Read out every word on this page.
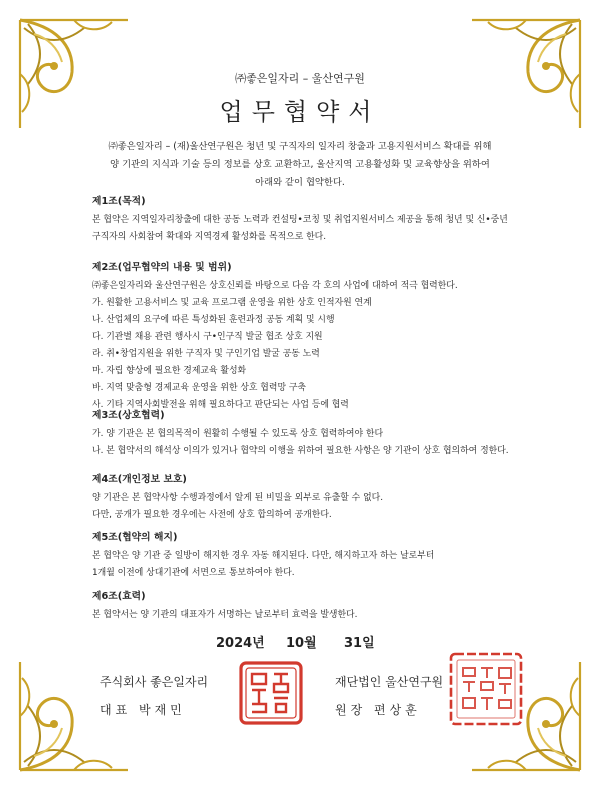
㈜좋은일자리 – 울산연구원
업무협약서

㈜좋은일자리 – (재)울산연구원은 청년 및 구직자의 일자리 창출과 고용지원서비스 확대를 위해

양 기관의 지식과 기술 등의 정보를 상호 교환하고, 울산지역 고용활성화 및 교육향상을 위하여

아래와 같이 협약한다.

제1조(목적)

본 협약은 지역일자리창출에 대한 공동 노력과 컨설팅•코칭 및 취업지원서비스 제공을 통해 청년 및 신•중년

구직자의 사회참여 확대와 지역경제 활성화를 목적으로 한다.

제2조(업무협약의 내용 및 범위)

㈜좋은일자리와 울산연구원은 상호신뢰를 바탕으로 다음 각 호의 사업에 대하여 적극 협력한다.

가. 원활한 고용서비스 및 교육 프로그램 운영을 위한 상호 인적자원 연계

나. 산업체의 요구에 따른 특성화된 훈련과정 공동 계획 및 시행

다. 기관별 채용 관련 행사시 구•인구직 발굴 협조 상호 지원

라. 취•창업지원을 위한 구직자 및 구인기업 발굴 공동 노력

마. 자립 향상에 필요한 경제교육 활성화

바. 지역 맞춤형 경제교육 운영을 위한 상호 협력망 구축

사. 기타 지역사회발전을 위해 필요하다고 판단되는 사업 등에 협력

제3조(상호협력)

가. 양 기관은 본 협의목적이 원활히 수행될 수 있도록 상호 협력하여야 한다

나. 본 협약서의 해석상 이의가 있거나 협약의 이행을 위하여 필요한 사항은 양 기관이 상호 협의하여 정한다.

제4조(개인정보 보호)

양 기관은 본 협약사항 수행과정에서 알게 된 비밀을 외부로 유출할 수 없다.

다만, 공개가 필요한 경우에는 사전에 상호 합의하여 공개한다.

제5조(협약의 해지)

본 협약은 양 기관 중 일방이 해지한 경우 자동 해지된다. 다만, 해지하고자 하는 날로부터

1개월 이전에 상대기관에 서면으로 통보하여야 한다.

제6조(효력)

본 협약서는 양 기관의 대표자가 서명하는 날로부터 효력을 발생한다.

2024년 10월 31일

주식회사 좋은일자리

대표 박재민

재단법인 울산연구원

원장 편상훈
